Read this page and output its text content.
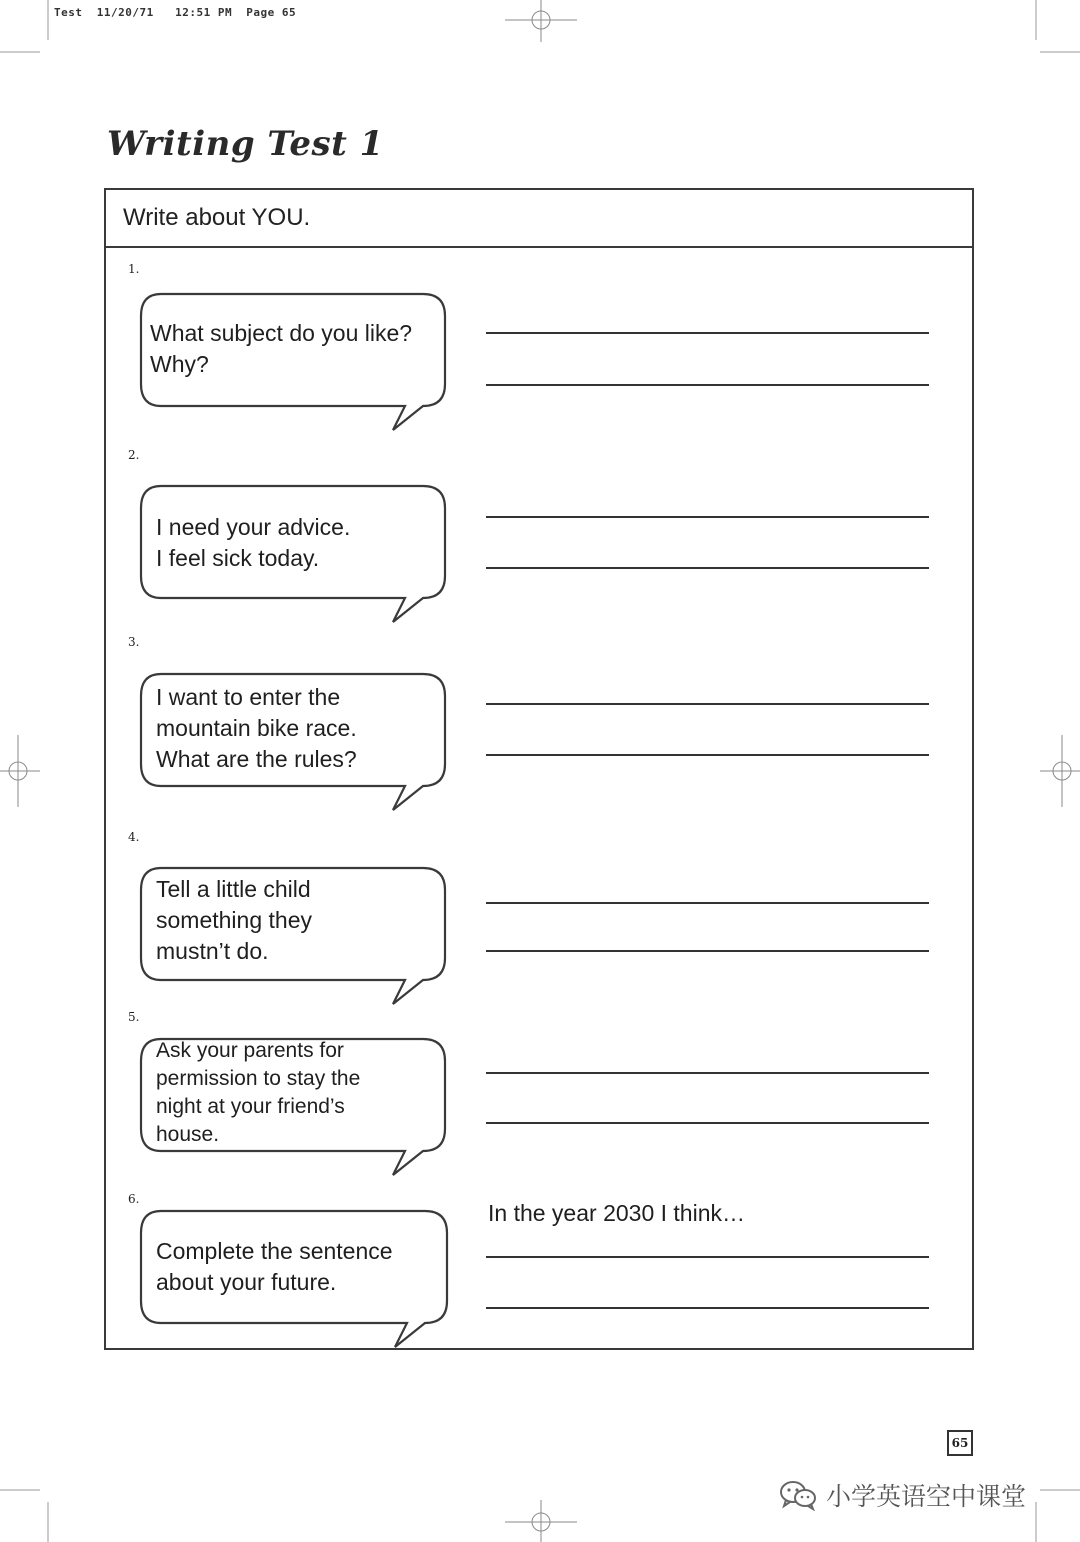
Test  11/20/71   12:51 PM  Page 65
Writing Test 1
Write about YOU.
1.
What subject do you like?
Why?
2.
I need your advice.
I feel sick today.
3.
I want to enter the
mountain bike race.
What are the rules?
4.
Tell a little child
something they
mustn’t do.
5.
Ask your parents for
permission to stay the
night at your friend’s
house.
6.
Complete the sentence
about your future.
In the year 2030 I think…
65
小学英语空中课堂
